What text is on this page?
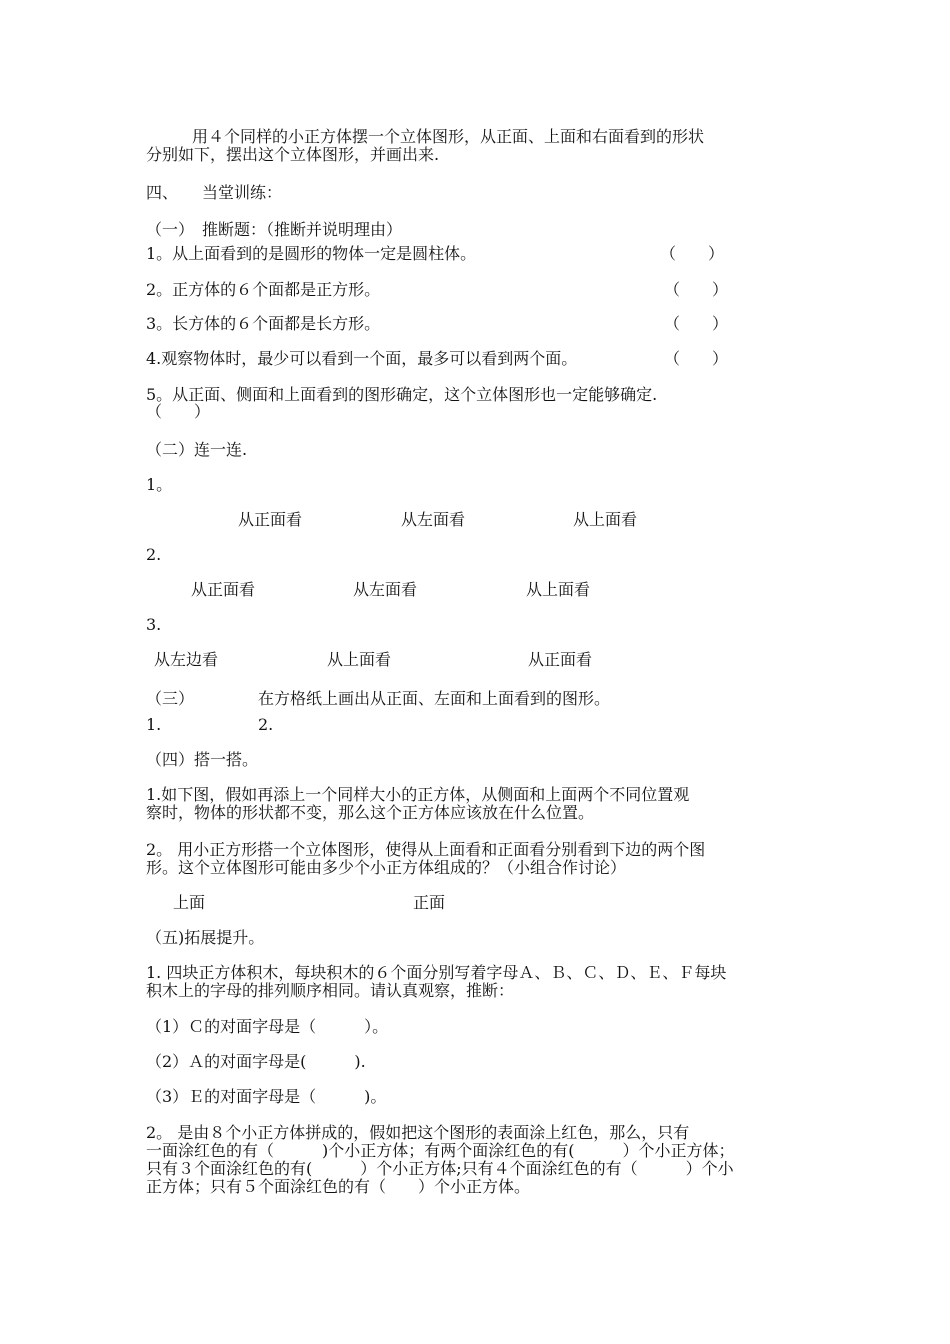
用４个同样的小正方体摆一个立体图形，从正面、上面和右面看到的形状
分别如下，摆出这个立体图形，并画出来.
四、 当堂训练：
（一）　推断题：（推断并说明理由）
1。从上面看到的是圆形的物体一定是圆柱体。	（　　）
2。正方体的６个面都是正方形。	（　　）
3。长方体的６个面都是长方形。	（　　）
4.观察物体时，最少可以看到一个面，最多可以看到两个面。	（　　）
5。从正面、侧面和上面看到的图形确定，这个立体图形也一定能够确定.
（　　）
（二）连一连.
1。
从正面看	从左面看	从上面看
2.
从正面看	从左面看	从上面看
3.
从左边看	从上面看	从正面看
（三）	在方格纸上画出从正面、左面和上面看到的图形。
1.	2.
（四）搭一搭。
1.如下图，假如再添上一个同样大小的正方体，从侧面和上面两个不同位置观
察时，物体的形状都不变，那么这个正方体应该放在什么位置。
2。 用小正方形搭一个立体图形，使得从上面看和正面看分别看到下边的两个图
形。这个立体图形可能由多少个小正方体组成的？（小组合作讨论）
上面	正面
（五)拓展提升。
1. 四块正方体积木，每块积木的６个面分别写着字母Ａ、Ｂ、Ｃ、Ｄ、Ｅ、Ｆ每块
积木上的字母的排列顺序相同。请认真观察，推断：
（1）Ｃ的对面字母是（　　　）。
（2）Ａ的对面字母是(　　　).
（3）Ｅ的对面字母是（　　　)。
2。 是由８个小正方体拼成的，假如把这个图形的表面涂上红色，那么，只有
一面涂红色的有（　　　)个小正方体；有两个面涂红色的有(　　　）个小正方体；
只有３个面涂红色的有(　　　）个小正方体;只有４个面涂红色的有（　　　）个小
正方体；只有５个面涂红色的有（　　）个小正方体。
